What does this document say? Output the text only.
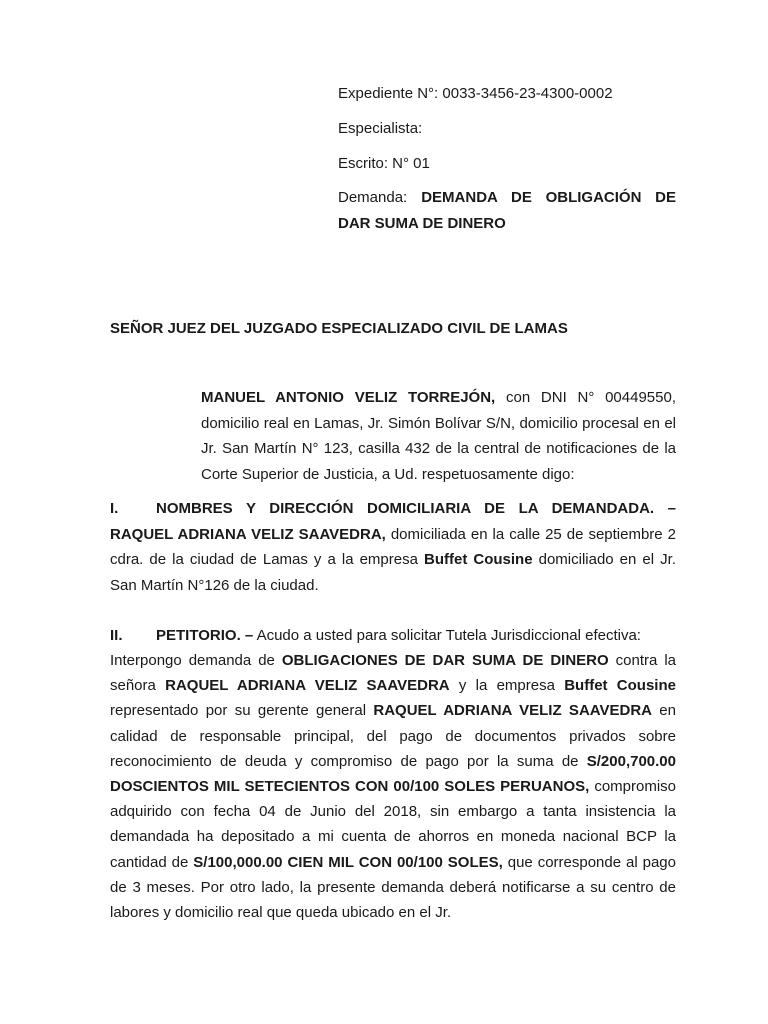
Expediente N°: 0033-3456-23-4300-0002
Especialista:
Escrito: N° 01
Demanda: DEMANDA DE OBLIGACIÓN DE DAR SUMA DE DINERO
SEÑOR JUEZ DEL JUZGADO ESPECIALIZADO CIVIL DE LAMAS
MANUEL ANTONIO VELIZ TORREJÓN, con DNI N° 00449550, domicilio real en Lamas, Jr. Simón Bolívar S/N, domicilio procesal en el Jr. San Martín N° 123, casilla 432 de la central de notificaciones de la Corte Superior de Justicia, a Ud. respetuosamente digo:
I.	NOMBRES Y DIRECCIÓN DOMICILIARIA DE LA DEMANDADA. – RAQUEL ADRIANA VELIZ SAAVEDRA, domiciliada en la calle 25 de septiembre 2 cdra. de la ciudad de Lamas y a la empresa Buffet Cousine domiciliado en el Jr. San Martín N°126 de la ciudad.
II. PETITORIO. – Acudo a usted para solicitar Tutela Jurisdiccional efectiva:
Interpongo demanda de OBLIGACIONES DE DAR SUMA DE DINERO contra la señora RAQUEL ADRIANA VELIZ SAAVEDRA y la empresa Buffet Cousine representado por su gerente general RAQUEL ADRIANA VELIZ SAAVEDRA en calidad de responsable principal, del pago de documentos privados sobre reconocimiento de deuda y compromiso de pago por la suma de S/200,700.00 DOSCIENTOS MIL SETECIENTOS CON 00/100 SOLES PERUANOS, compromiso adquirido con fecha 04 de Junio del 2018, sin embargo a tanta insistencia la demandada ha depositado a mi cuenta de ahorros en moneda nacional BCP la cantidad de S/100,000.00 CIEN MIL CON 00/100 SOLES, que corresponde al pago de 3 meses. Por otro lado, la presente demanda deberá notificarse a su centro de labores y domicilio real que queda ubicado en el Jr.
